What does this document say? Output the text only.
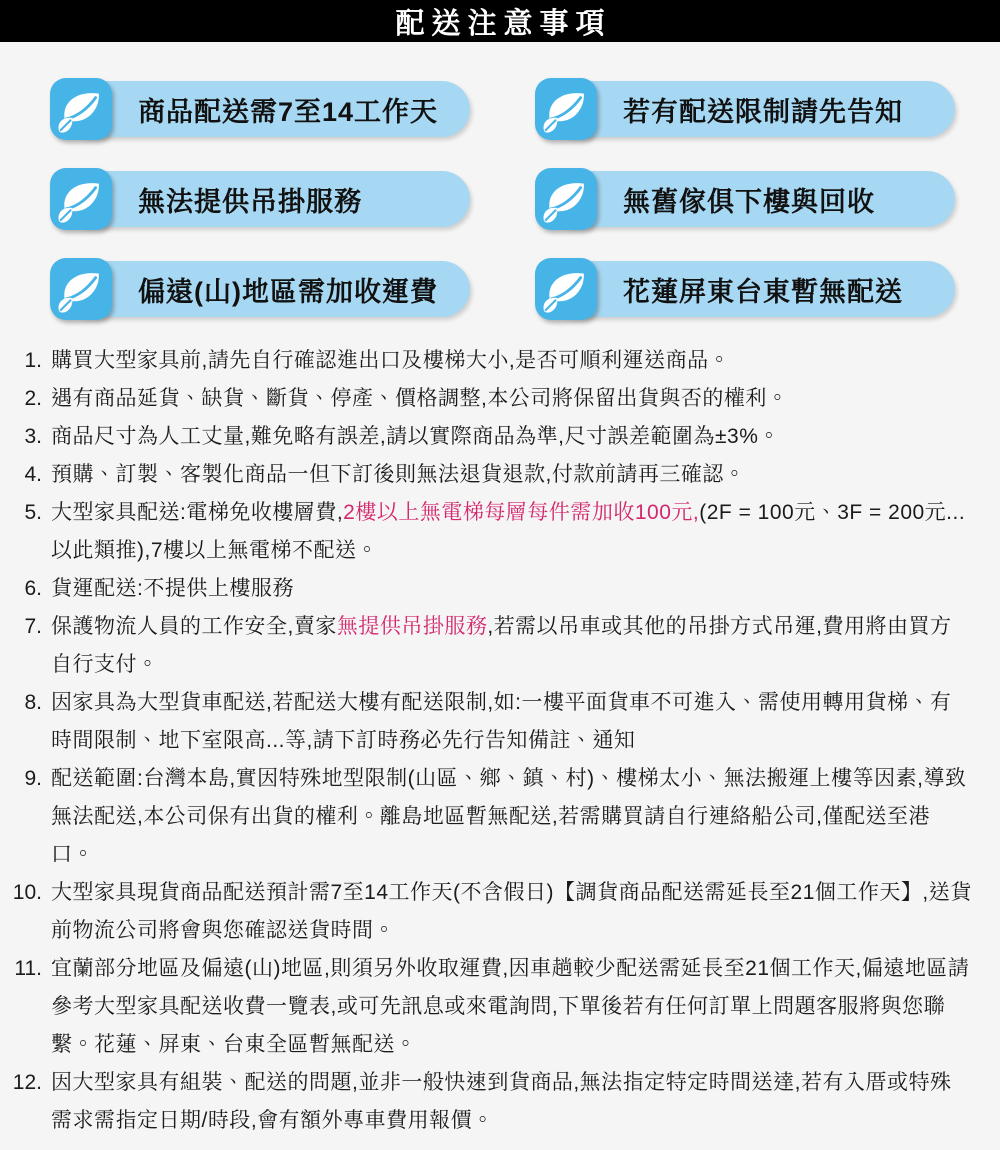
配送注意事項
商品配送需7至14工作天	若有配送限制請先告知
無法提供吊掛服務	無舊傢俱下樓與回收
偏遠(山)地區需加收運費	花蓮屏東台東暫無配送
1. 購買大型家具前,請先自行確認進出口及樓梯大小,是否可順利運送商品。
2. 遇有商品延貨、缺貨、斷貨、停產、價格調整,本公司將保留出貨與否的權利。
3. 商品尺寸為人工丈量,難免略有誤差,請以實際商品為準,尺寸誤差範圍為±3%。
4. 預購、訂製、客製化商品一但下訂後則無法退貨退款,付款前請再三確認。
5. 大型家具配送:電梯免收樓層費,2樓以上無電梯每層每件需加收100元,(2F = 100元、3F = 200元...以此類推),7樓以上無電梯不配送。
6. 貨運配送:不提供上樓服務
7. 保護物流人員的工作安全,賣家無提供吊掛服務,若需以吊車或其他的吊掛方式吊運,費用將由買方自行支付。
8. 因家具為大型貨車配送,若配送大樓有配送限制,如:一樓平面貨車不可進入、需使用轉用貨梯、有時間限制、地下室限高...等,請下訂時務必先行告知備註、通知
9. 配送範圍:台灣本島,實因特殊地型限制(山區、鄉、鎮、村)、樓梯太小、無法搬運上樓等因素,導致無法配送,本公司保有出貨的權利。離島地區暫無配送,若需購買請自行連絡船公司,僅配送至港口。
10. 大型家具現貨商品配送預計需7至14工作天(不含假日)【調貨商品配送需延長至21個工作天】,送貨前物流公司將會與您確認送貨時間。
11. 宜蘭部分地區及偏遠(山)地區,則須另外收取運費,因車趟較少配送需延長至21個工作天,偏遠地區請參考大型家具配送收費一覽表,或可先訊息或來電詢問,下單後若有任何訂單上問題客服將與您聯繫。花蓮、屏東、台東全區暫無配送。
12. 因大型家具有組裝、配送的問題,並非一般快速到貨商品,無法指定特定時間送達,若有入厝或特殊需求需指定日期/時段,會有額外專車費用報價。
